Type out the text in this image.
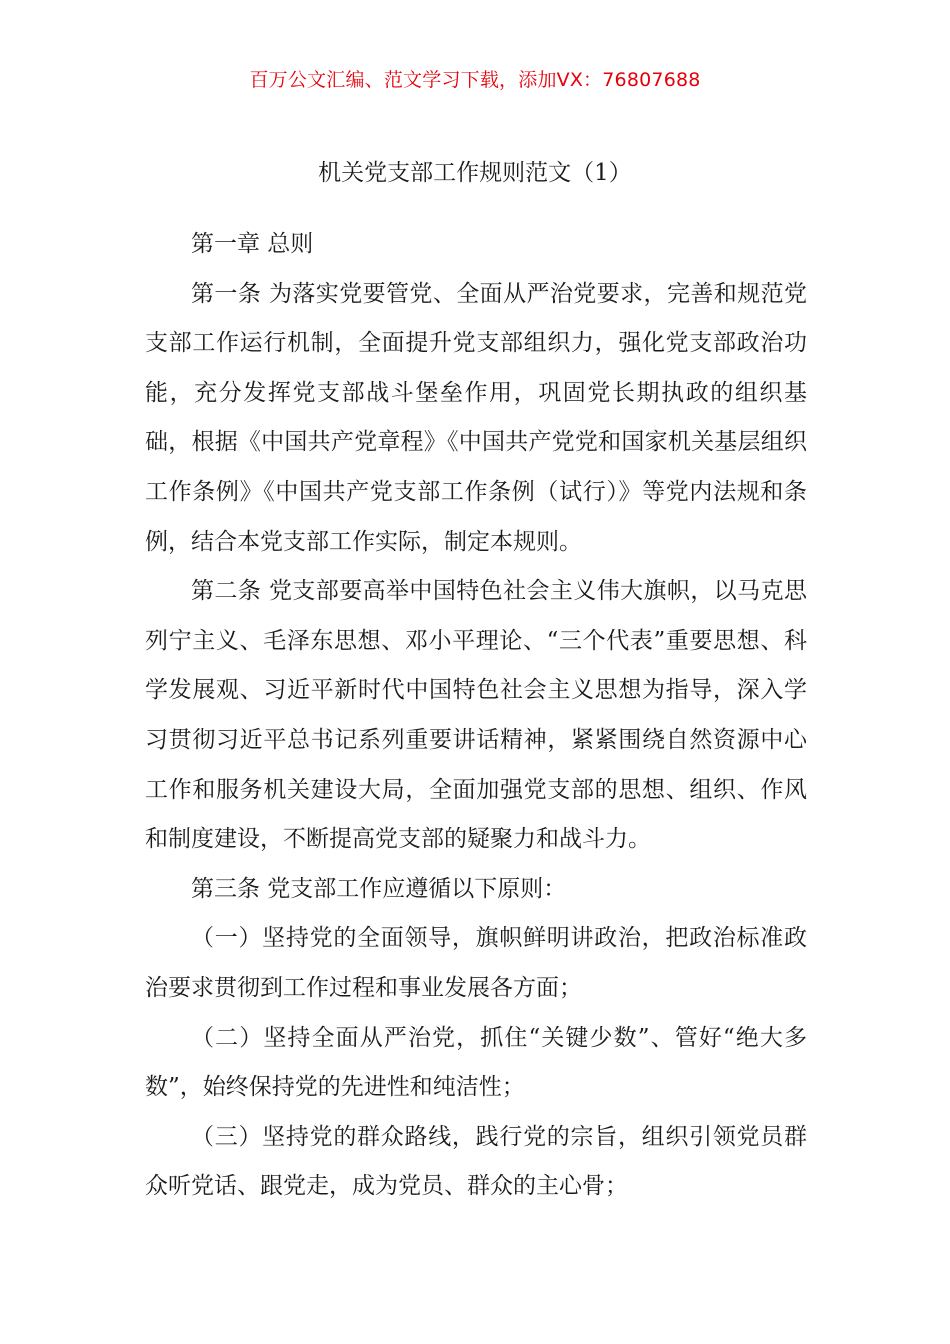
百万公文汇编、范文学习下载，添加VX：76807688
机关党支部工作规则范文（1）

第一章 总则

第一条 为落实党要管党、全面从严治党要求，完善和规范党支部工作运行机制，全面提升党支部组织力，强化党支部政治功能，充分发挥党支部战斗堡垒作用，巩固党长期执政的组织基础，根据《中国共产党章程》《中国共产党党和国家机关基层组织工作条例》《中国共产党支部工作条例（试行）》等党内法规和条例，结合本党支部工作实际，制定本规则。

第二条 党支部要高举中国特色社会主义伟大旗帜，以马克思列宁主义、毛泽东思想、邓小平理论、“三个代表”重要思想、科学发展观、习近平新时代中国特色社会主义思想为指导，深入学习贯彻习近平总书记系列重要讲话精神，紧紧围绕自然资源中心工作和服务机关建设大局，全面加强党支部的思想、组织、作风和制度建设，不断提高党支部的疑聚力和战斗力。

第三条 党支部工作应遵循以下原则：

（一）坚持党的全面领导，旗帜鲜明讲政治，把政治标准政治要求贯彻到工作过程和事业发展各方面；

（二）坚持全面从严治党，抓住“关键少数”、管好“绝大多数”，始终保持党的先进性和纯洁性；

（三）坚持党的群众路线，践行党的宗旨，组织引领党员群众听党话、跟党走，成为党员、群众的主心骨；
